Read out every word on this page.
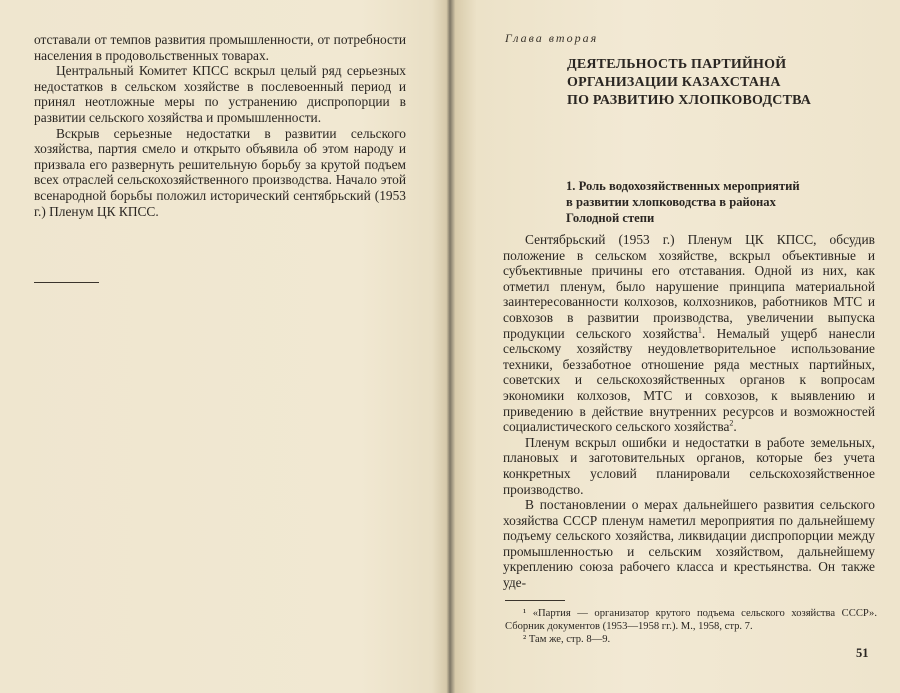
отставали от темпов развития промышленности, от потребности населения в продовольственных товарах.

Центральный Комитет КПСС вскрыл целый ряд серьезных недостатков в сельском хозяйстве в послевоенный период и принял неотложные меры по устранению диспропорции в развитии сельского хозяйства и промышленности.

Вскрыв серьезные недостатки в развитии сельского хозяйства, партия смело и открыто объявила об этом народу и призвала его развернуть решительную борьбу за крутой подъем всех отраслей сельскохозяйственного производства. Начало этой всенародной борьбы положил исторический сентябрьский (1953 г.) Пленум ЦК КПСС.

Глава вторая
ДЕЯТЕЛЬНОСТЬ ПАРТИЙНОЙ
ОРГАНИЗАЦИИ КАЗАХСТАНА
ПО РАЗВИТИЮ ХЛОПКОВОДСТВА
1. Роль водохозяйственных мероприятий
в развитии хлопководства в районах
Голодной степи

Сентябрьский (1953 г.) Пленум ЦК КПСС, обсудив положение в сельском хозяйстве, вскрыл объективные и субъективные причины его отставания. Одной из них, как отметил пленум, было нарушение принципа материальной заинтересованности колхозов, колхозников, работников МТС и совхозов в развитии производства, увеличении выпуска продукции сельского хозяйства$^1$. Немалый ущерб нанесли сельскому хозяйству неудовлетворительное использование техники, беззаботное отношение ряда местных партийных, советских и сельскохозяйственных органов к вопросам экономики колхозов, МТС и совхозов, к выявлению и приведению в действие внутренних ресурсов и возможностей социалистического сельского хозяйства$^2$.

Пленум вскрыл ошибки и недостатки в работе земельных, плановых и заготовительных органов, которые без учета конкретных условий планировали сельскохозяйственное производство.

В постановлении о мерах дальнейшего развития сельского хозяйства СССР пленум наметил мероприятия по дальнейшему подъему сельского хозяйства, ликвидации диспропорции между промышленностью и сельским хозяйством, дальнейшему укреплению союза рабочего класса и крестьянства. Он также уде-

¹ «Партия — организатор крутого подъема сельского хозяйства СССР». Сборник документов (1953—1958 гг.). М., 1958, стр. 7.

² Там же, стр. 8—9.

51
